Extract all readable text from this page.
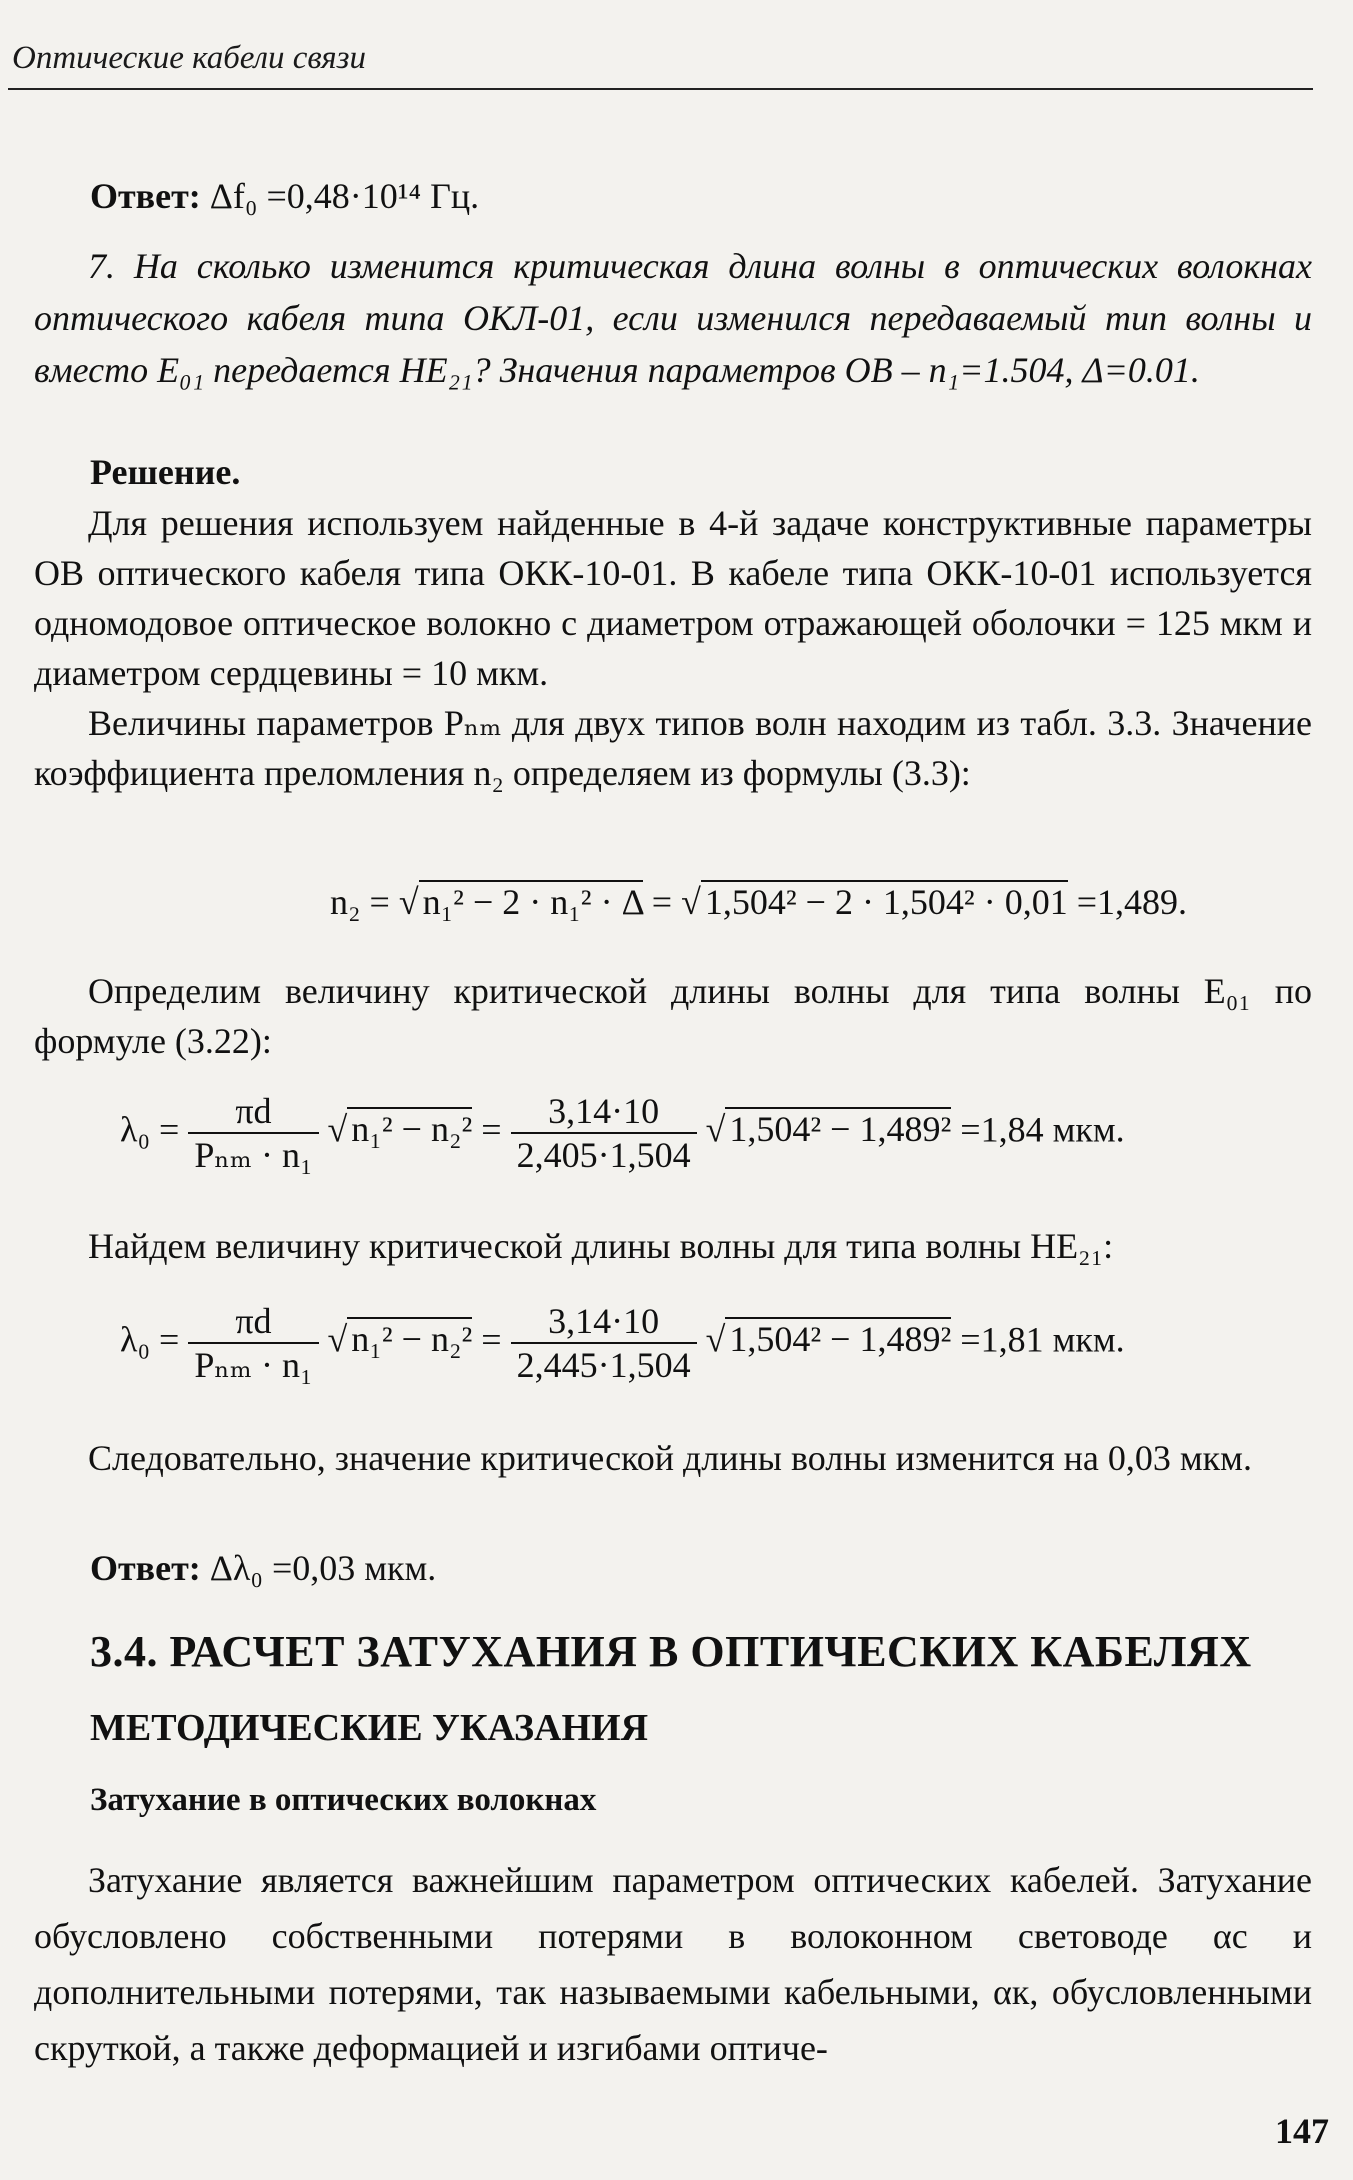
Оптические кабели связи
Ответ: Δf₀ =0,48·10¹⁴ Гц.
7. На сколько изменится критическая длина волны в оптических волокнах оптического кабеля типа ОКЛ-01, если изменился передаваемый тип волны и вместо E₀₁ передается HE₂₁? Значения параметров ОВ – n₁=1.504, Δ=0.01.
Решение.
Для решения используем найденные в 4-й задаче конструктивные параметры ОВ оптического кабеля типа ОКК-10-01. В кабеле типа ОКК-10-01 используется одномодовое оптическое волокно с диаметром отражающей оболочки = 125 мкм и диаметром сердцевины = 10 мкм.
Величины параметров Pₙₘ для двух типов волн находим из табл. 3.3. Значение коэффициента преломления n₂ определяем из формулы (3.3):
n₂ = √ n₁² − 2 · n₁² · Δ = √ 1,504² − 2 · 1,504² · 0,01 =1,489.
Определим величину критической длины волны для типа волны E₀₁ по формуле (3.22):
$\lambda_0 = \frac{\pi d}{\text{Pₙₘ · n₁}}$ √ $n_1^2 - n_2^2 = \frac{3,14\cdot 10}{2,405\cdot 1,504}$ √ 1,504² − 1,489² =1,84 мкм.
Найдем величину критической длины волны для типа волны HE₂₁:
$\lambda_0 = \frac{\pi d}{\text{Pₙₘ · n₁}}$ √ $n_1^2 - n_2^2 = \frac{3,14\cdot 10}{2,445\cdot 1,504}$ √ 1,504² − 1,489² =1,81 мкм.
Следовательно, значение критической длины волны изменится на 0,03 мкм.
Ответ: Δλ₀ =0,03 мкм.
3.4. РАСЧЕТ ЗАТУХАНИЯ В ОПТИЧЕСКИХ КАБЕЛЯХ
МЕТОДИЧЕСКИЕ УКАЗАНИЯ
Затухание в оптических волокнах
Затухание является важнейшим параметром оптических кабелей. Затухание обусловлено собственными потерями в волоконном световоде αc и дополнительными потерями, так называемыми кабельными, αк, обусловленными скруткой, а также деформацией и изгибами оптиче-
147
